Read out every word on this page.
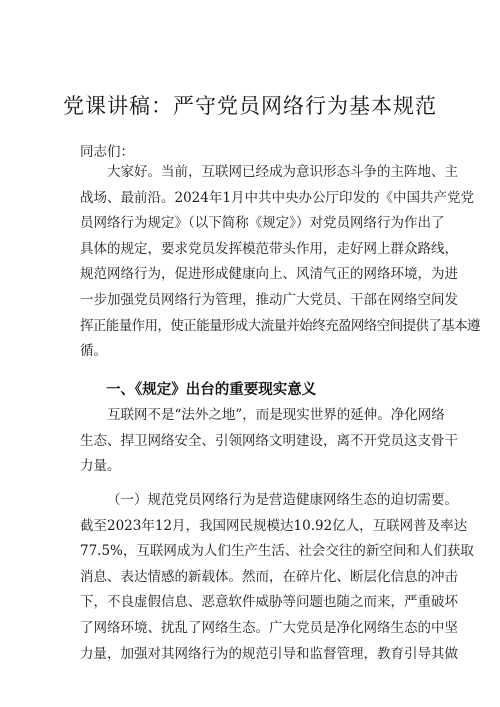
党课讲稿：严守党员网络行为基本规范
同志们：
大家好。当前，互联网已经成为意识形态斗争的主阵地、主
战场、最前沿。2024年1月中共中央办公厅印发的《中国共产党党
员网络行为规定》（以下简称《规定》）对党员网络行为作出了
具体的规定，要求党员发挥模范带头作用，走好网上群众路线，
规范网络行为，促进形成健康向上、风清气正的网络环境，为进
一步加强党员网络行为管理，推动广大党员、干部在网络空间发
挥正能量作用，使正能量形成大流量并始终充盈网络空间提供了基本遵
循。
一、《规定》出台的重要现实意义
互联网不是“法外之地”，而是现实世界的延伸。净化网络
生态、捍卫网络安全、引领网络文明建设，离不开党员这支骨干
力量。
（一）规范党员网络行为是营造健康网络生态的迫切需要。
截至2023年12月，我国网民规模达10.92亿人，互联网普及率达
77.5%，互联网成为人们生产生活、社会交往的新空间和人们获取
消息、表达情感的新载体。然而，在碎片化、断层化信息的冲击
下，不良虚假信息、恶意软件威胁等问题也随之而来，严重破坏
了网络环境、扰乱了网络生态。广大党员是净化网络生态的中坚
力量，加强对其网络行为的规范引导和监督管理，教育引导其做
